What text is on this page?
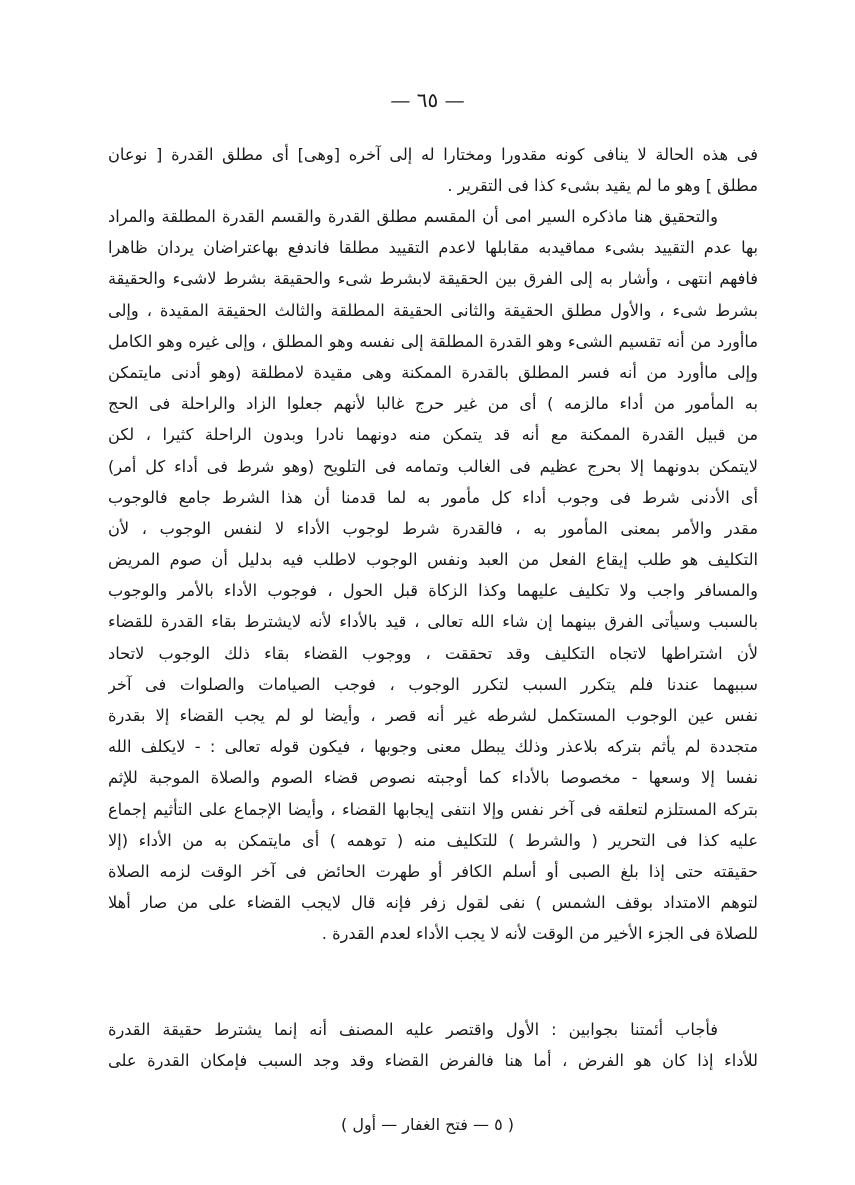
— ٦٥ —
فى هذه الحالة لا ينافى كونه مقدورا ومختارا له إلى آخره [وهى] أى مطلق القدرة [ نوعان
مطلق ] وهو ما لم يقيد بشىء كذا فى التقرير .
والتحقيق هنا ماذكره السير امى أن المقسم مطلق القدرة والقسم القدرة المطلقة والمراد
بها عدم التقييد بشىء مماقيدبه مقابلها لاعدم التقييد مطلقا فاندفع بهاعتراضان يردان ظاهرا
فافهم انتهى ، وأشار به إلى الفرق بين الحقيقة لابشرط شىء والحقيقة بشرط لاشىء والحقيقة
بشرط شىء ، والأول مطلق الحقيقة والثانى الحقيقة المطلقة والثالث الحقيقة المقيدة ، وإلى
ماأورد من أنه تقسيم الشىء وهو القدرة المطلقة إلى نفسه وهو المطلق ، وإلى غيره وهو الكامل
وإلى ماأورد من أنه فسر المطلق بالقدرة الممكنة وهى مقيدة لامطلقة (وهو أدنى مايتمكن
به المأمور من أداء مالزمه ) أى من غير حرج غالبا لأنهم جعلوا الزاد والراحلة فى الحج
من قبيل القدرة الممكنة مع أنه قد يتمكن منه دونهما نادرا وبدون الراحلة كثيرا ، لكن
لايتمكن بدونهما إلا بحرج عظيم فى الغالب وتمامه فى التلويح (وهو شرط فى أداء كل أمر)
أى الأدنى شرط فى وجوب أداء كل مأمور به لما قدمنا أن هذا الشرط جامع فالوجوب
مقدر والأمر بمعنى المأمور به ، فالقدرة شرط لوجوب الأداء لا لنفس الوجوب ، لأن
التكليف هو طلب إيقاع الفعل من العبد ونفس الوجوب لاطلب فيه بدليل أن صوم المريض
والمسافر واجب ولا تكليف عليهما وكذا الزكاة قبل الحول ، فوجوب الأداء بالأمر والوجوب
بالسبب وسيأتى الفرق بينهما إن شاء الله تعالى ، قيد بالأداء لأنه لايشترط بقاء القدرة للقضاء
لأن اشتراطها لاتجاه التكليف وقد تحققت ، ووجوب القضاء بقاء ذلك الوجوب لاتحاد
سببهما عندنا فلم يتكرر السبب لتكرر الوجوب ، فوجب الصيامات والصلوات فى آخر
نفس عين الوجوب المستكمل لشرطه غير أنه قصر ، وأيضا لو لم يجب القضاء إلا بقدرة
متجددة لم يأثم بتركه بلاعذر وذلك يبطل معنى وجوبها ، فيكون قوله تعالى : - لايكلف الله
نفسا إلا وسعها - مخصوصا بالأداء كما أوجبته نصوص قضاء الصوم والصلاة الموجبة للإثم
بتركه المستلزم لتعلقه فى آخر نفس وإلا انتفى إيجابها القضاء ، وأيضا الإجماع على التأثيم إجماع
عليه كذا فى التحرير ( والشرط ) للتكليف منه ( توهمه ) أى مايتمكن به من الأداء (إلا
حقيقته حتى إذا بلغ الصبى أو أسلم الكافر أو طهرت الحائض فى آخر الوقت لزمه الصلاة
لتوهم الامتداد بوقف الشمس ) نفى لقول زفر فإنه قال لايجب القضاء على من صار أهلا
للصلاة فى الجزء الأخير من الوقت لأنه لا يجب الأداء لعدم القدرة .
فأجاب أئمتنا بجوابين : الأول واقتصر عليه المصنف أنه إنما يشترط حقيقة القدرة
للأداء إذا كان هو الفرض ، أما هنا فالفرض القضاء وقد وجد السبب فإمكان القدرة على
( ٥ — فتح الغفار — أول )
